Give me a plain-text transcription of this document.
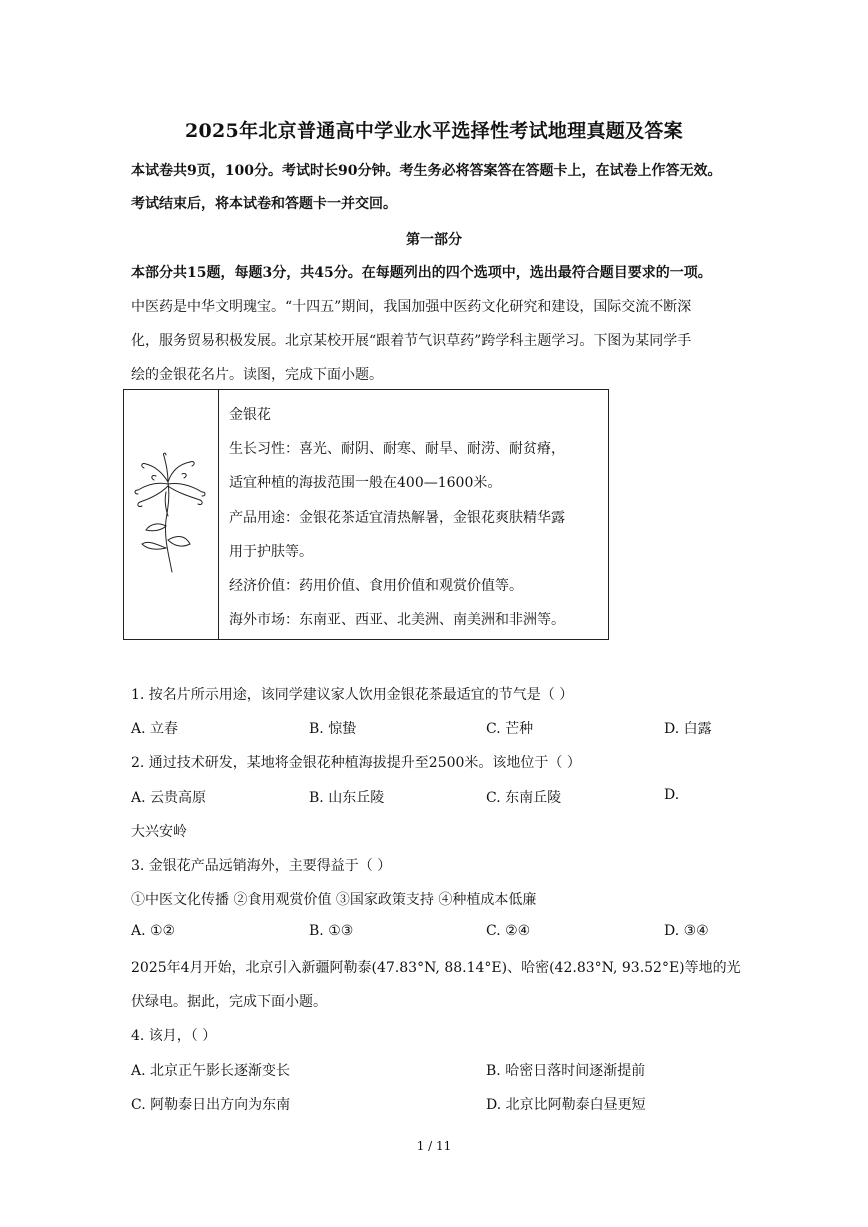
2025年北京普通高中学业水平选择性考试地理真题及答案
本试卷共9页，100分。考试时长90分钟。考生务必将答案答在答题卡上，在试卷上作答无效。
考试结束后，将本试卷和答题卡一并交回。
第一部分
本部分共15题，每题3分，共45分。在每题列出的四个选项中，选出最符合题目要求的一项。
中医药是中华文明瑰宝。“十四五”期间，我国加强中医药文化研究和建设，国际交流不断深
化，服务贸易积极发展。北京某校开展“跟着节气识草药”跨学科主题学习。下图为某同学手
绘的金银花名片。读图，完成下面小题。
金银花
生长习性：喜光、耐阴、耐寒、耐旱、耐涝、耐贫瘠，
适宜种植的海拔范围一般在400—1600米。
产品用途：金银花茶适宜清热解暑，金银花爽肤精华露
用于护肤等。
经济价值：药用价值、食用价值和观赏价值等。
海外市场：东南亚、西亚、北美洲、南美洲和非洲等。
1. 按名片所示用途，该同学建议家人饮用金银花茶最适宜的节气是（ ）
A. 立春	B. 惊蛰	C. 芒种	D. 白露
2. 通过技术研发，某地将金银花种植海拔提升至2500米。该地位于（ ）
A. 云贵高原	B. 山东丘陵	C. 东南丘陵	D.
大兴安岭
3. 金银花产品远销海外，主要得益于（ ）
①中医文化传播 ②食用观赏价值 ③国家政策支持 ④种植成本低廉
A. ①②	B. ①③	C. ②④	D. ③④
2025年4月开始，北京引入新疆阿勒泰(47.83°N, 88.14°E)、哈密(42.83°N, 93.52°E)等地的光
伏绿电。据此，完成下面小题。
4. 该月，（ ）
A. 北京正午影长逐渐变长	B. 哈密日落时间逐渐提前
C. 阿勒泰日出方向为东南	D. 北京比阿勒泰白昼更短
1 / 11
